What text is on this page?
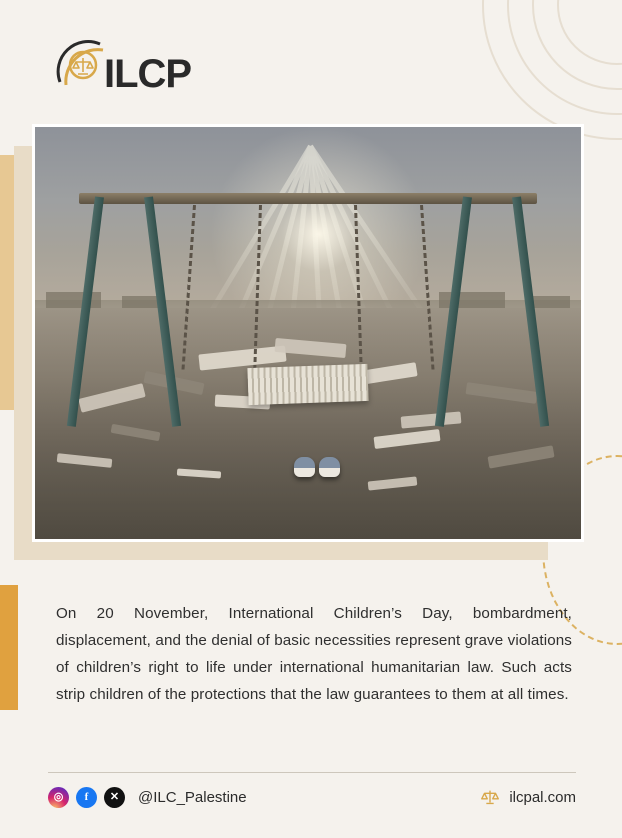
ILCP

On 20 November, International Children’s Day, bombardment, displacement, and the denial of basic necessities represent grave violations of children’s right to life under international humanitarian law. Such acts strip children of the protections that the law guarantees to them at all times.

◎	f	✕	@ILC_Palestine	ilcpal.com
